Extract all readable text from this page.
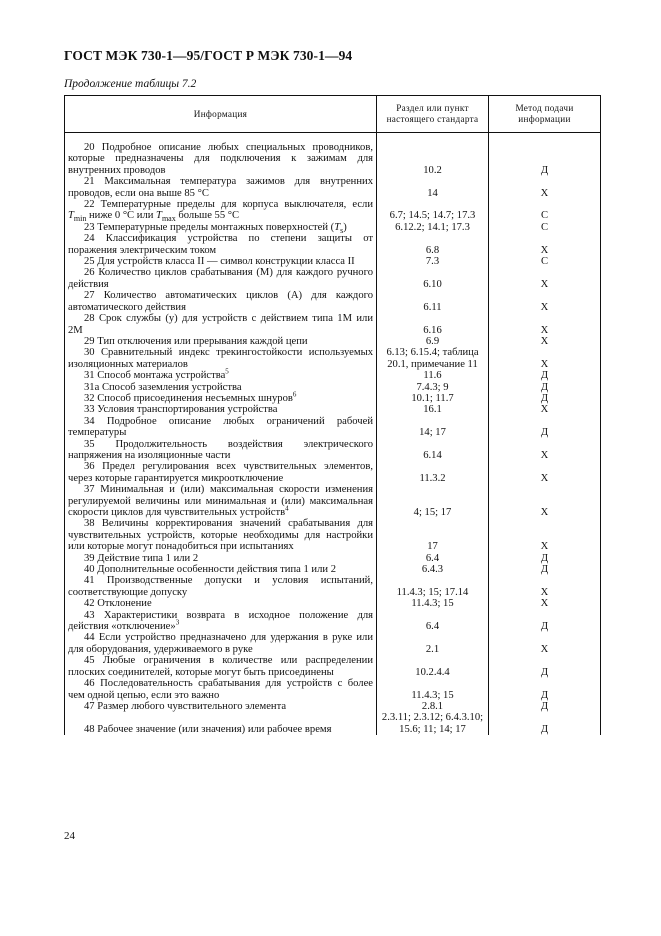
ГОСТ МЭК 730-1—95/ГОСТ Р МЭК 730-1—94
Продолжение таблицы 7.2
Информация	Раздел или пункт настоящего стандарта	Метод подачи информации

20 Подробное описание любых специальных проводников, которые предназначены для подключения к зажимам для внутренних проводов	10.2	Д
21 Максимальная температура зажимов для внутренних проводов, если она выше 85 °С	14	X
22 Температурные пределы для корпуса выключателя, если $T_{min}$ ниже 0 °С или $T_{max}$ больше 55 °С	6.7; 14.5; 14.7; 17.3	С
23 Температурные пределы монтажных поверхностей $(T_s)$	6.12.2; 14.1; 17.3	С
24 Классификация устройства по степени защиты от поражения электрическим током	6.8	X
25 Для устройств класса II — символ конструкции класса II	7.3	С
26 Количество циклов срабатывания (М) для каждого ручного действия	6.10	X
27 Количество автоматических циклов (А) для каждого автоматического действия	6.11	X
28 Срок службы (у) для устройств с действием типа 1М или 2М	6.16	X
29 Тип отключения или прерывания каждой цепи	6.9	X
30 Сравнительный индекс трекингостойкости используемых изоляционных материалов	6.13; 6.15.4; таблица 20.1, примечание 11	X
31 Способ монтажа устройства$^5$	11.6	Д
31а Способ заземления устройства	7.4.3; 9	Д
32 Способ присоединения несъемных шнуров$^6$	10.1; 11.7	Д
33 Условия транспортирования устройства	16.1	X
34 Подробное описание любых ограничений рабочей температуры	14; 17	Д
35 Продолжительность воздействия электрического напряжения на изоляционные части	6.14	X
36 Предел регулирования всех чувствительных элементов, через которые гарантируется микроотключение	11.3.2	X
37 Минимальная и (или) максимальная скорости изменения регулируемой величины или минимальная и (или) максимальная скорости циклов для чувствительных устройств$^4$	4; 15; 17	X
38 Величины корректирования значений срабатывания для чувствительных устройств, которые необходимы для настройки или которые могут понадобиться при испытаниях	17	X
39 Действие типа 1 или 2	6.4	Д
40 Дополнительные особенности действия типа 1 или 2	6.4.3	Д
41 Производственные допуски и условия испытаний, соответствующие допуску	11.4.3; 15; 17.14	X
42 Отклонение	11.4.3; 15	X
43 Характеристики возврата в исходное положение для действия «отключение»$^3$	6.4	Д
44 Если устройство предназначено для удержания в руке или для оборудования, удерживаемого в руке	2.1	X
45 Любые ограничения в количестве или распределении плоских соединителей, которые могут быть присоединены	10.2.4.4	Д
46 Последовательность срабатывания для устройств с более чем одной цепью, если это важно	11.4.3; 15	Д
47 Размер любого чувствительного элемента	2.8.1	Д
48 Рабочее значение (или значения) или рабочее время	2.3.11; 2.3.12; 6.4.3.10; 15.6; 11; 14; 17	Д
24
